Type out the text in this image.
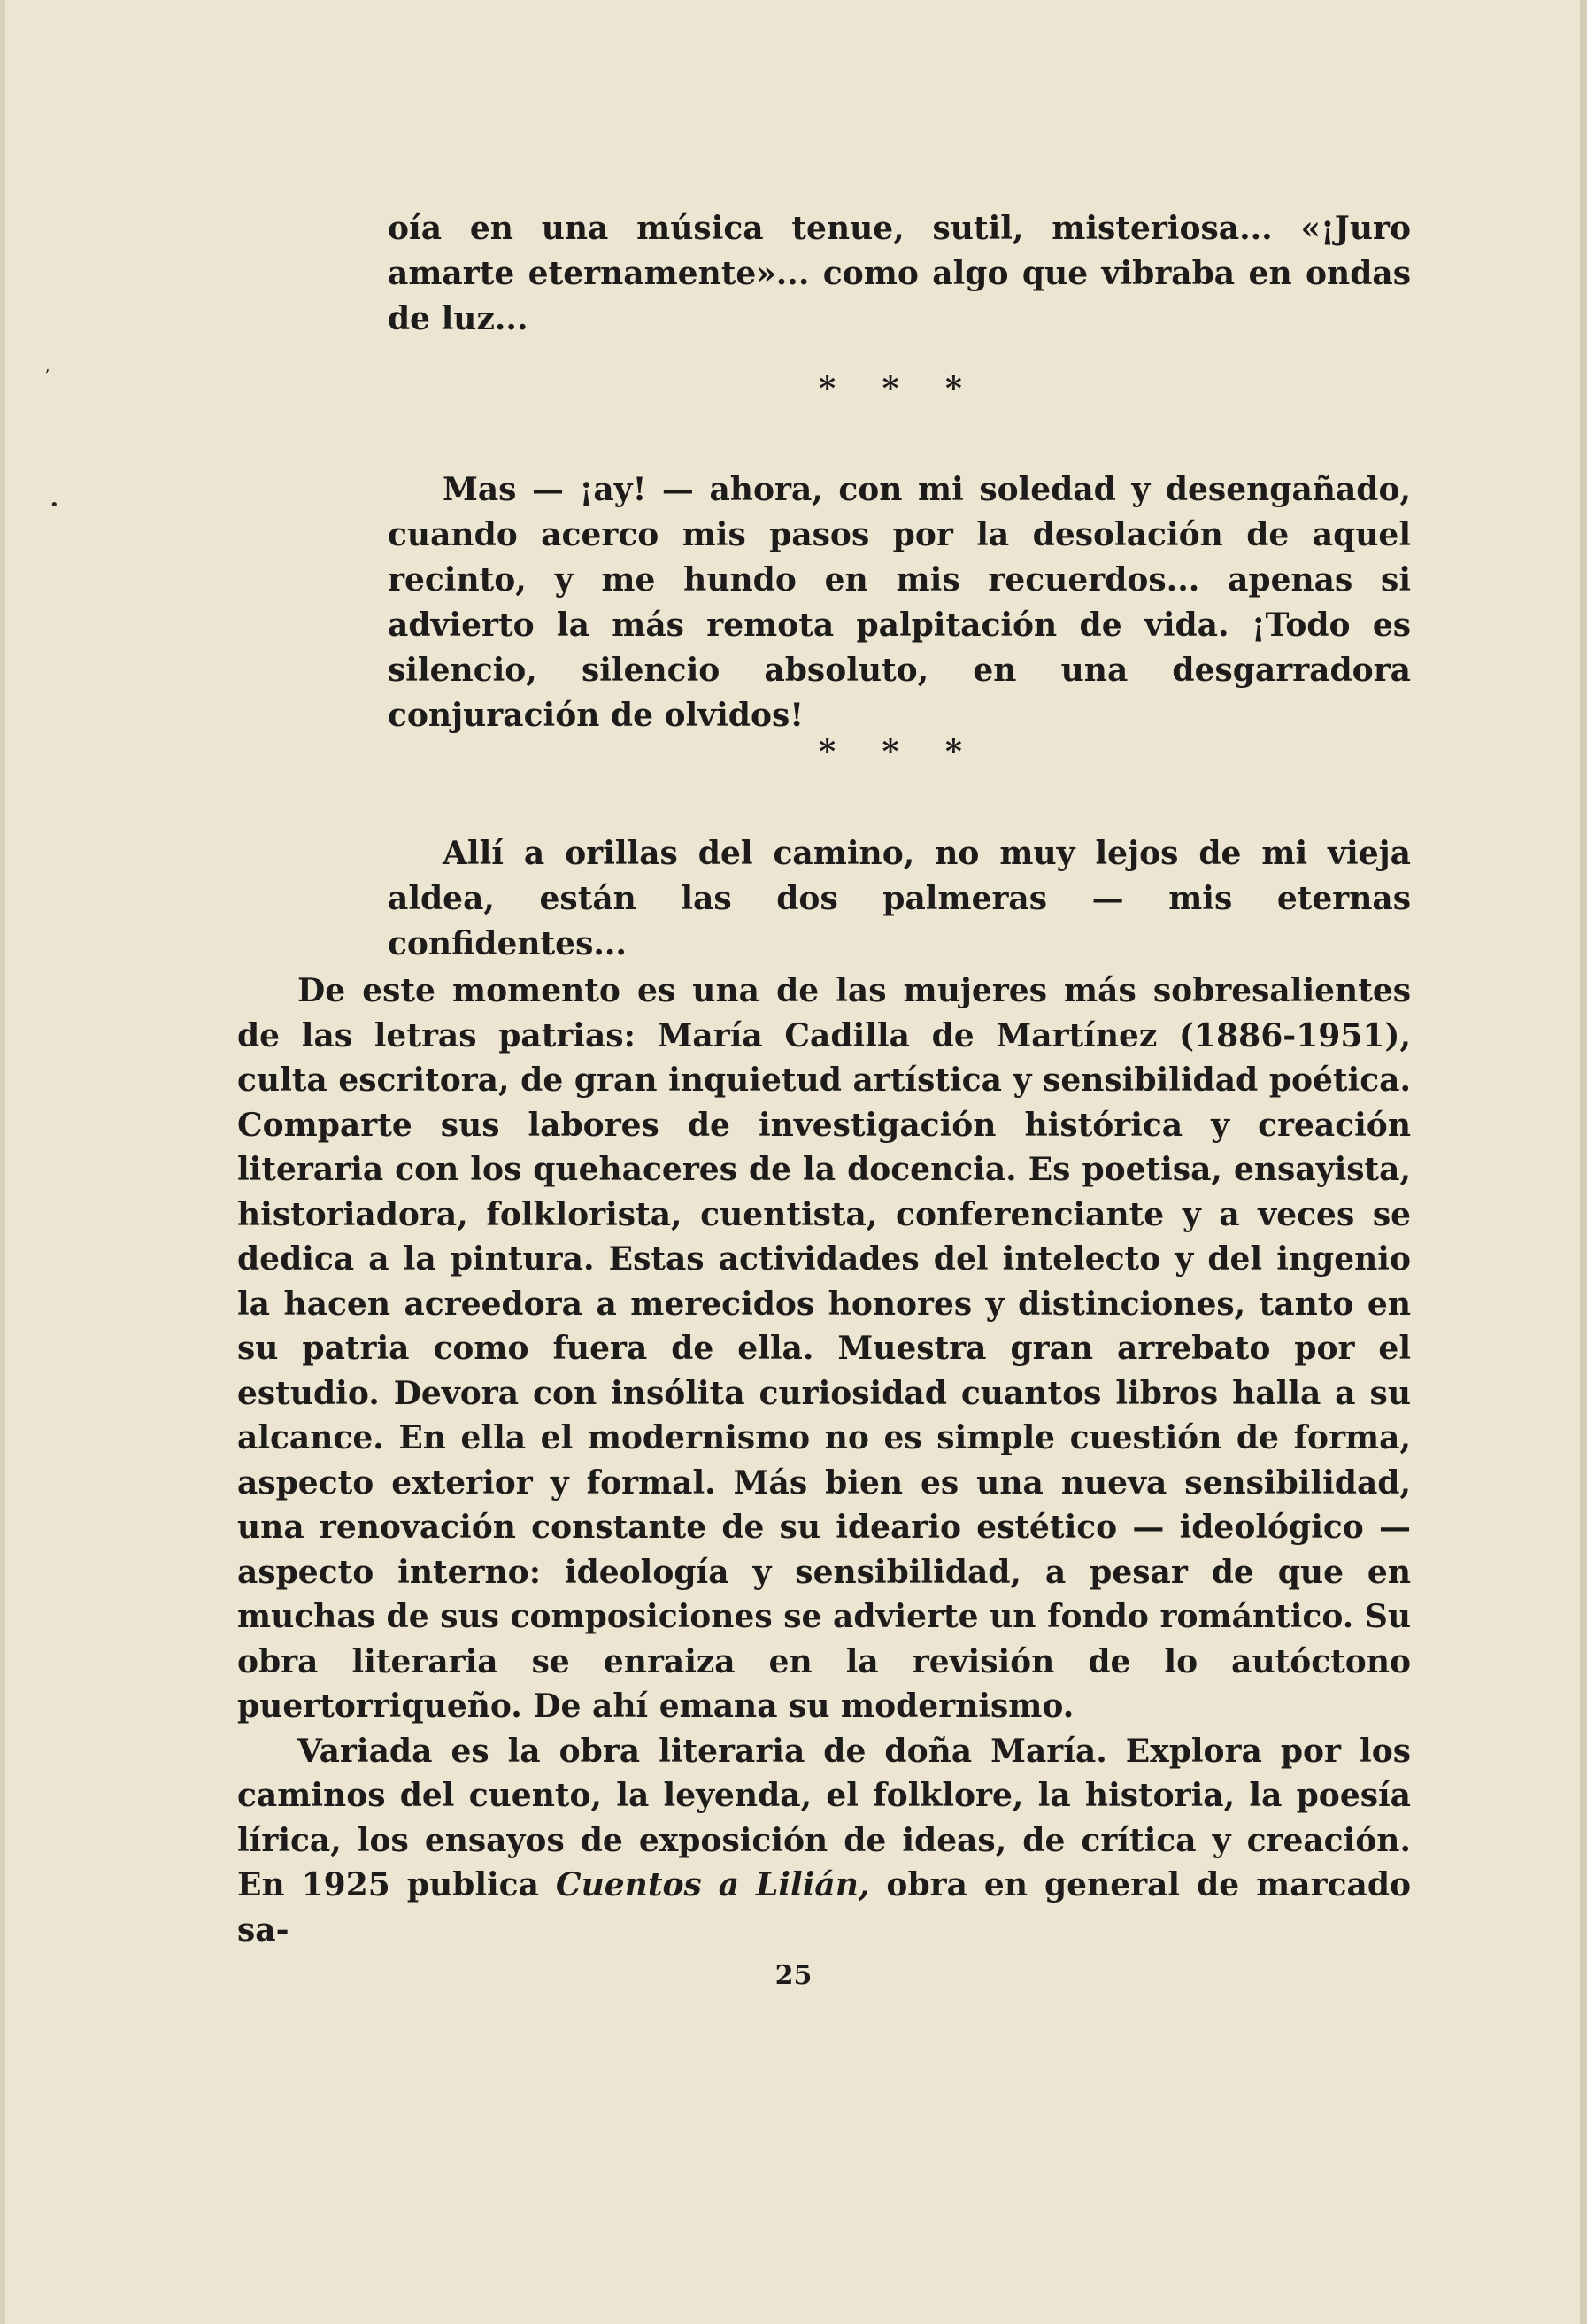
ʼ
•

oía en una música tenue, sutil, misteriosa... «¡Juro amarte eternamente»... como algo que vibraba en ondas de luz...

* * *

Mas — ¡ay! — ahora, con mi soledad y desengañado, cuando acerco mis pasos por la desolación de aquel recinto, y me hundo en mis recuerdos... apenas si advierto la más remota palpitación de vida. ¡Todo es silencio, silencio absoluto, en una desgarradora conjuración de olvidos!

* * *

Allí a orillas del camino, no muy lejos de mi vieja aldea, están las dos palmeras — mis eternas confidentes...

De este momento es una de las mujeres más sobresalientes de las letras patrias: María Cadilla de Martínez (1886-1951), culta escritora, de gran inquietud artística y sensibilidad poética. Comparte sus labores de investigación histórica y creación literaria con los quehaceres de la docencia. Es poetisa, ensayista, historiadora, folklorista, cuentista, conferenciante y a veces se dedica a la pintura. Estas actividades del intelecto y del ingenio la hacen acreedora a merecidos honores y distinciones, tanto en su patria como fuera de ella. Muestra gran arrebato por el estudio. Devora con insólita curiosidad cuantos libros halla a su alcance. En ella el modernismo no es simple cuestión de forma, aspecto exterior y formal. Más bien es una nueva sensibilidad, una renovación constante de su ideario estético — ideológico — aspecto interno: ideología y sensibilidad, a pesar de que en muchas de sus composiciones se advierte un fondo romántico. Su obra literaria se enraiza en la revisión de lo autóctono puertorriqueño. De ahí emana su modernismo.

Variada es la obra literaria de doña María. Explora por los caminos del cuento, la leyenda, el folklore, la historia, la poesía lírica, los ensayos de exposición de ideas, de crítica y creación. En 1925 publica Cuentos a Lilián, obra en general de marcado sa-

25
